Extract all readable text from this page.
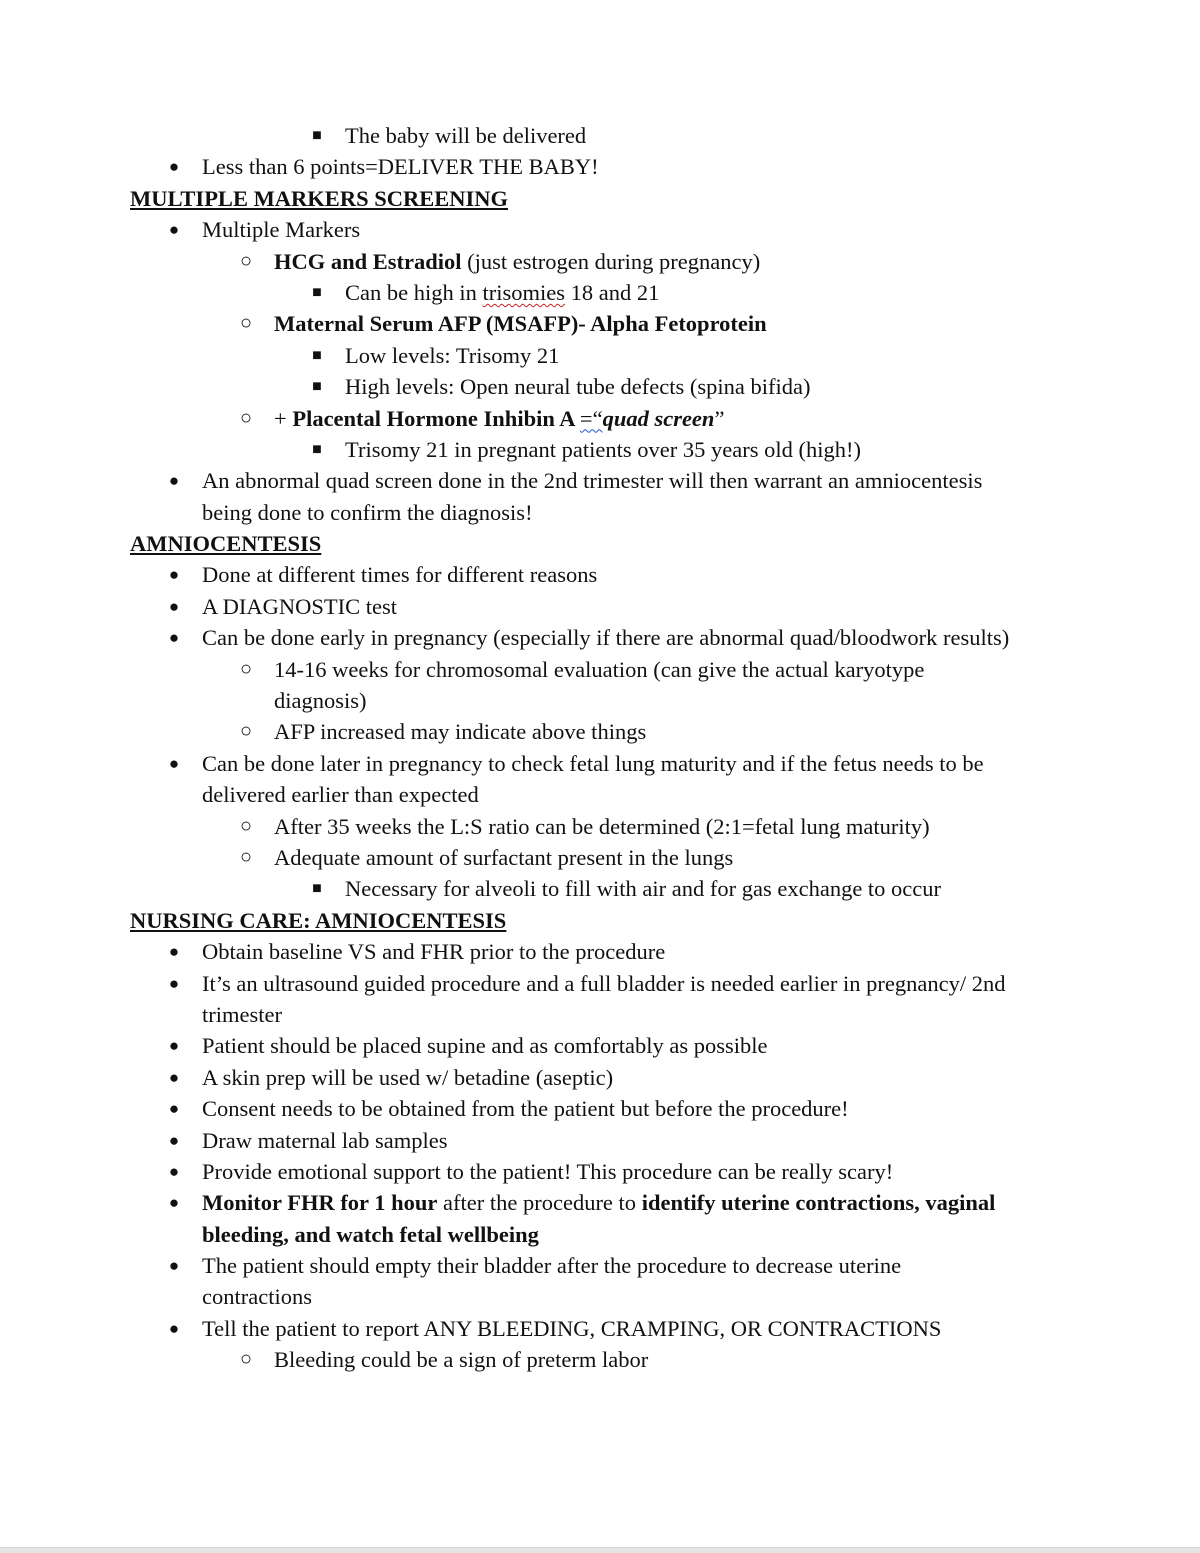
■ The baby will be delivered
● Less than 6 points=DELIVER THE BABY!
MULTIPLE MARKERS SCREENING
● Multiple Markers
○ HCG and Estradiol (just estrogen during pregnancy)
■ Can be high in trisomies 18 and 21
○ Maternal Serum AFP (MSAFP)- Alpha Fetoprotein
■ Low levels: Trisomy 21
■ High levels: Open neural tube defects (spina bifida)
○ + Placental Hormone Inhibin A =“quad screen”
■ Trisomy 21 in pregnant patients over 35 years old (high!)
● An abnormal quad screen done in the 2nd trimester will then warrant an amniocentesis
being done to confirm the diagnosis!
AMNIOCENTESIS
● Done at different times for different reasons
● A DIAGNOSTIC test
● Can be done early in pregnancy (especially if there are abnormal quad/bloodwork results)
○ 14-16 weeks for chromosomal evaluation (can give the actual karyotype
diagnosis)
○ AFP increased may indicate above things
● Can be done later in pregnancy to check fetal lung maturity and if the fetus needs to be
delivered earlier than expected
○ After 35 weeks the L:S ratio can be determined (2:1=fetal lung maturity)
○ Adequate amount of surfactant present in the lungs
■ Necessary for alveoli to fill with air and for gas exchange to occur
NURSING CARE: AMNIOCENTESIS
● Obtain baseline VS and FHR prior to the procedure
● It’s an ultrasound guided procedure and a full bladder is needed earlier in pregnancy/ 2nd
trimester
● Patient should be placed supine and as comfortably as possible
● A skin prep will be used w/ betadine (aseptic)
● Consent needs to be obtained from the patient but before the procedure!
● Draw maternal lab samples
● Provide emotional support to the patient! This procedure can be really scary!
● Monitor FHR for 1 hour after the procedure to identify uterine contractions, vaginal
bleeding, and watch fetal wellbeing
● The patient should empty their bladder after the procedure to decrease uterine
contractions
● Tell the patient to report ANY BLEEDING, CRAMPING, OR CONTRACTIONS
○ Bleeding could be a sign of preterm labor
